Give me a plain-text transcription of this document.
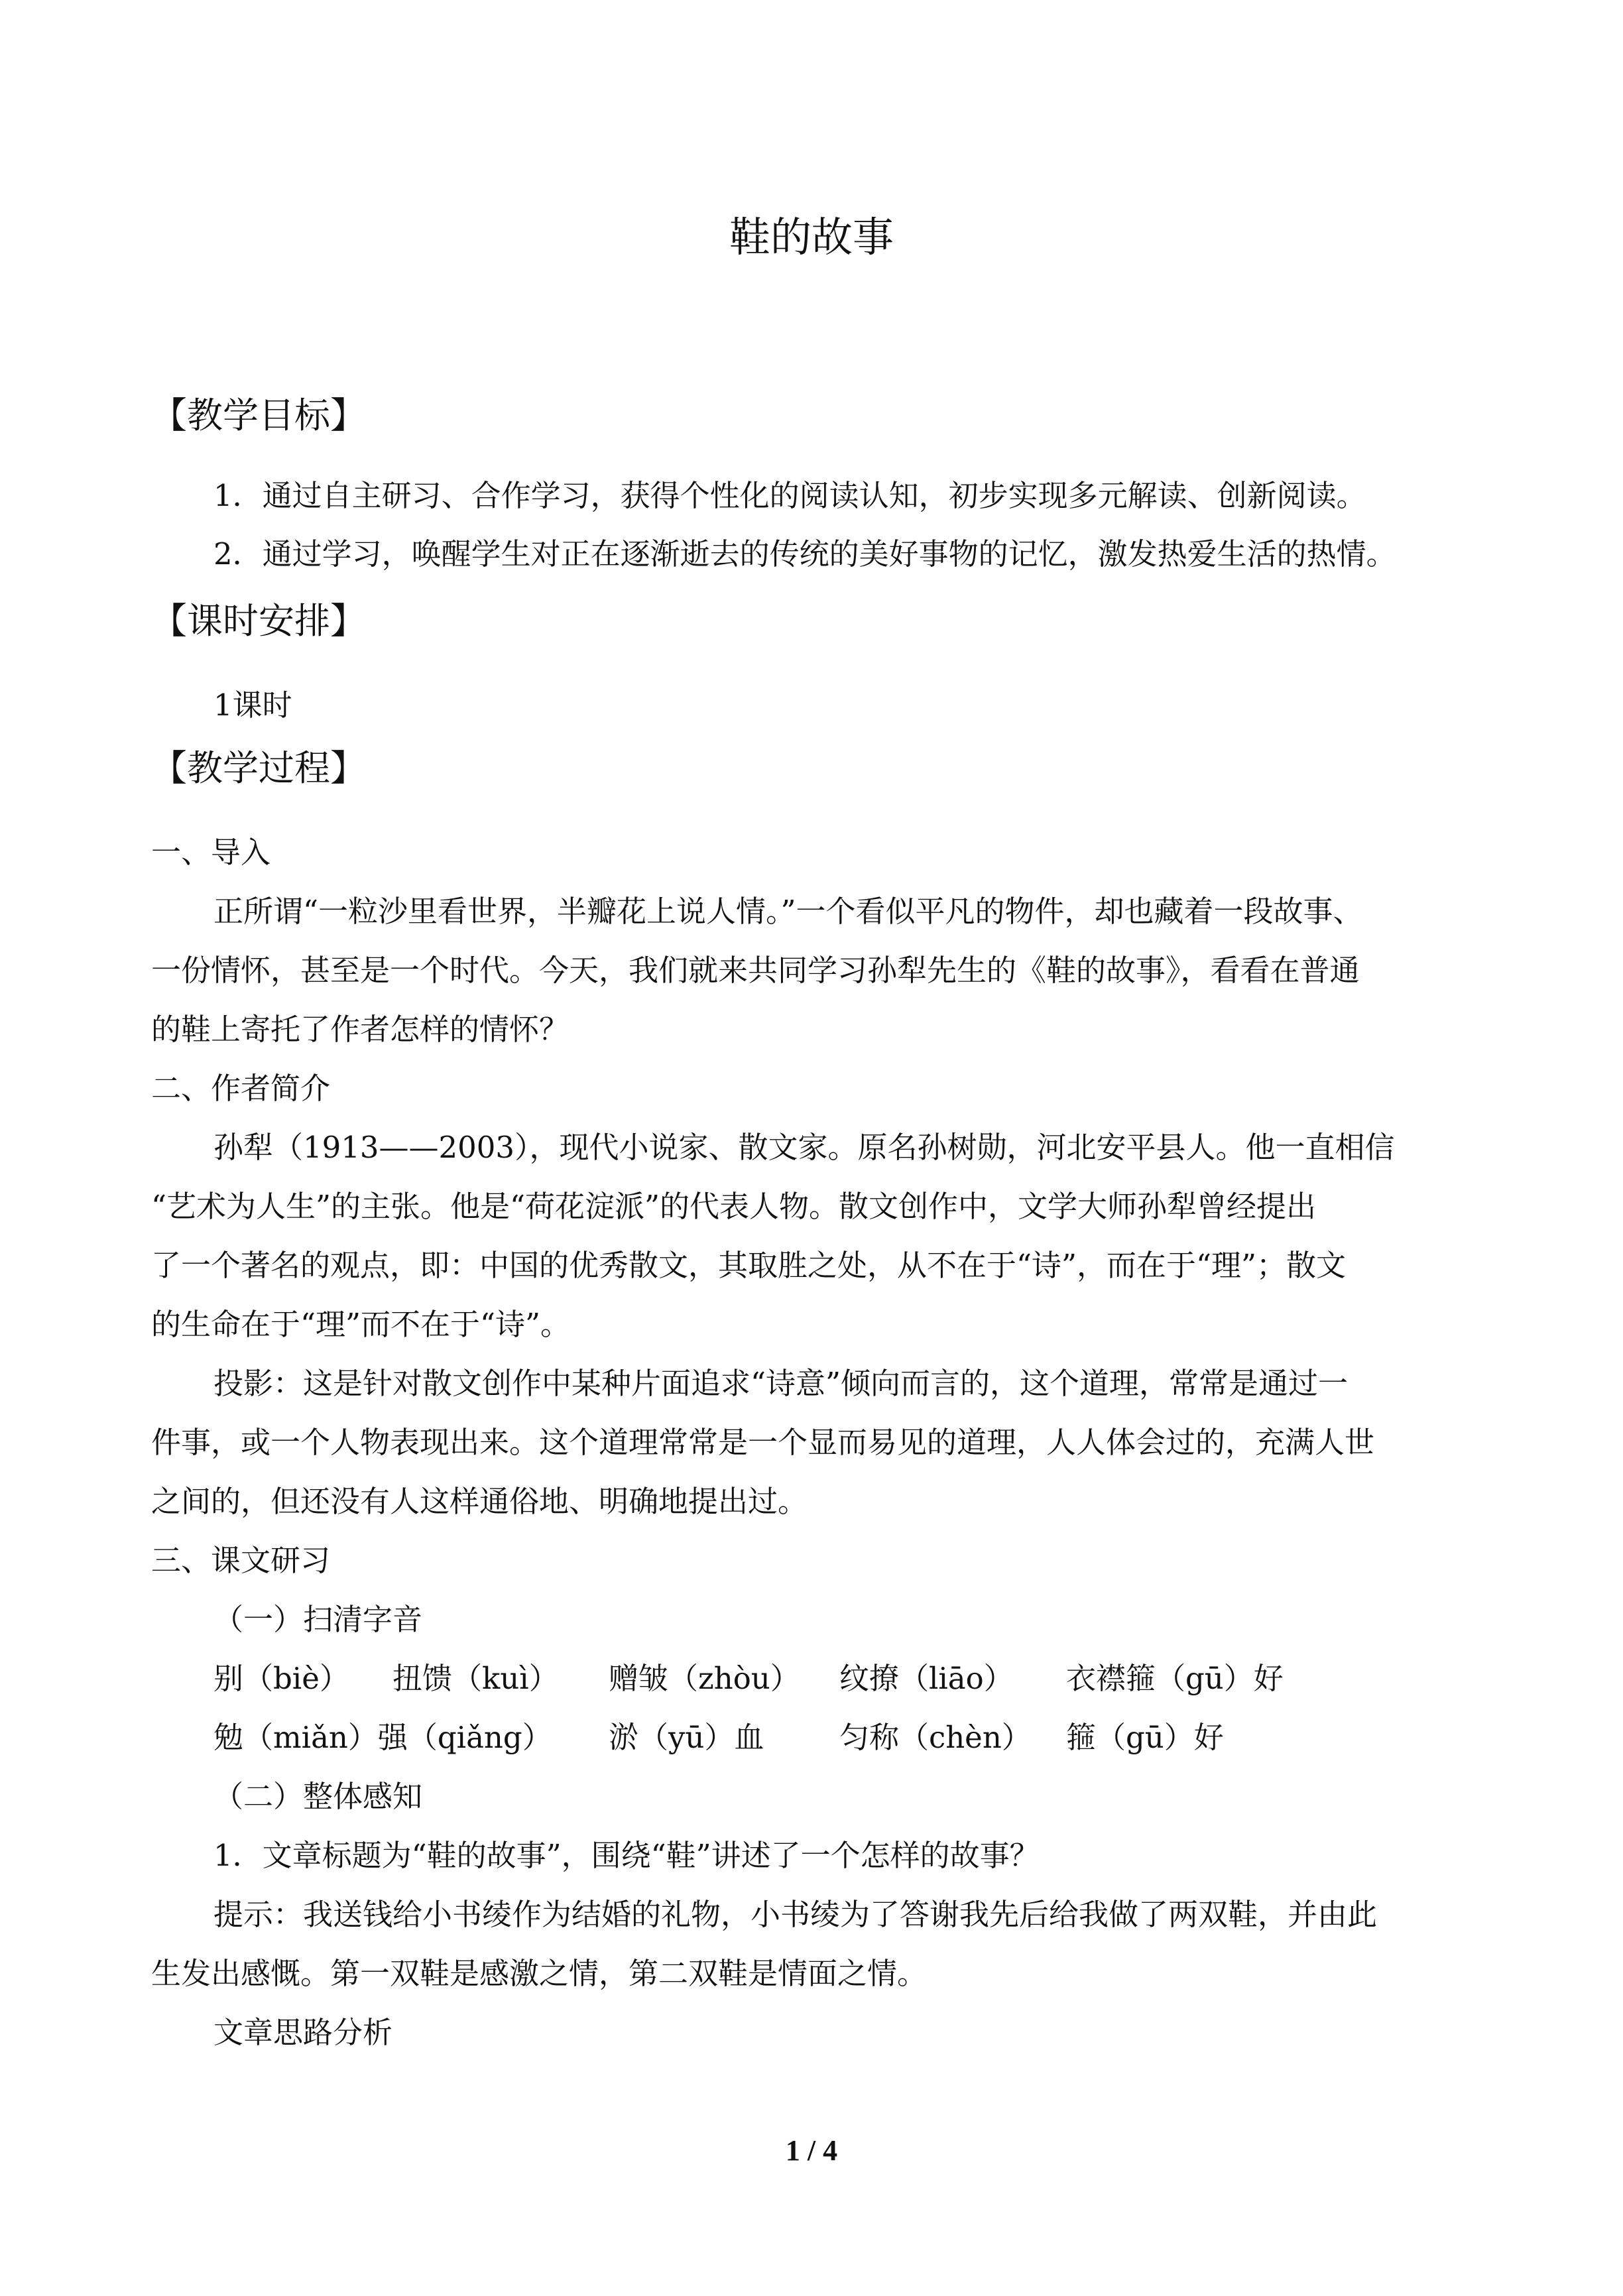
鞋的故事
【教学目标】
1．通过自主研习、合作学习，获得个性化的阅读认知，初步实现多元解读、创新阅读。
2．通过学习，唤醒学生对正在逐渐逝去的传统的美好事物的记忆，激发热爱生活的热情。
【课时安排】
1课时
【教学过程】
一、导入
正所谓“一粒沙里看世界，半瓣花上说人情。”一个看似平凡的物件，却也藏着一段故事、
一份情怀，甚至是一个时代。今天，我们就来共同学习孙犁先生的《鞋的故事》，看看在普通
的鞋上寄托了作者怎样的情怀？
二、作者简介
孙犁（1913——2003），现代小说家、散文家。原名孙树勋，河北安平县人。他一直相信
“艺术为人生”的主张。他是“荷花淀派”的代表人物。散文创作中，文学大师孙犁曾经提出
了一个著名的观点，即：中国的优秀散文，其取胜之处，从不在于“诗”，而在于“理”；散文
的生命在于“理”而不在于“诗”。
投影：这是针对散文创作中某种片面追求“诗意”倾向而言的，这个道理，常常是通过一
件事，或一个人物表现出来。这个道理常常是一个显而易见的道理，人人体会过的，充满人世
之间的，但还没有人这样通俗地、明确地提出过。
三、课文研习
（一）扫清字音
别（biè） 扭馈（kuì） 赠皱（zhòu） 纹撩（liāo） 衣襟箍（gū）好
勉（miǎn）强（qiǎng） 淤（yū）血	匀称（chèn） 箍（gū）好
（二）整体感知
1．文章标题为“鞋的故事”，围绕“鞋”讲述了一个怎样的故事？
提示：我送钱给小书绫作为结婚的礼物，小书绫为了答谢我先后给我做了两双鞋，并由此
生发出感慨。第一双鞋是感激之情，第二双鞋是情面之情。
文章思路分析
1 / 4
